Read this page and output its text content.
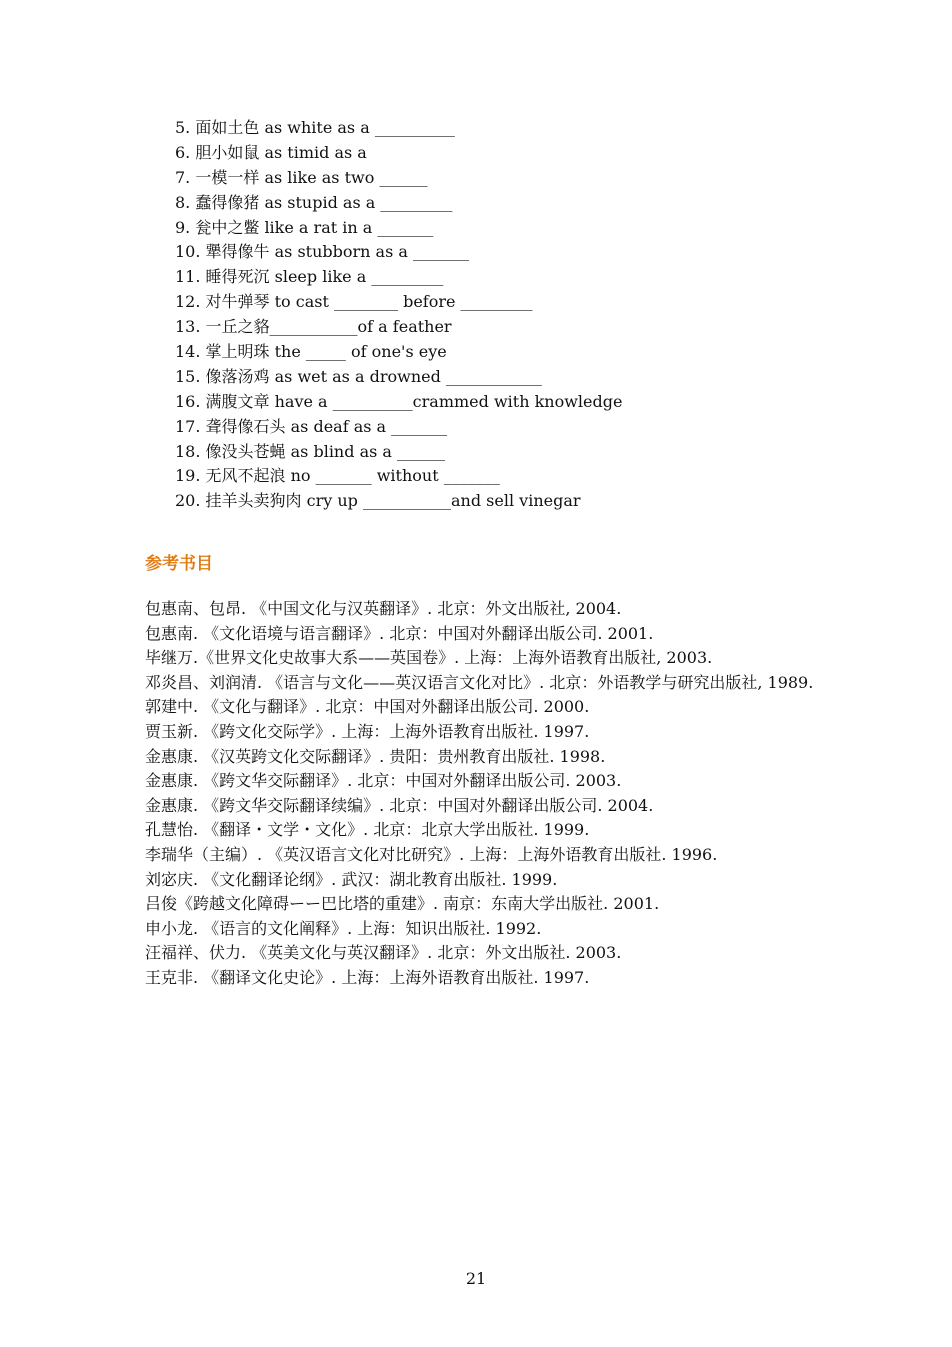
5. 面如土色 as white as a __________
6. 胆小如鼠 as timid as a
7. 一模一样 as like as two ______
8. 蠢得像猪 as stupid as a _________
9. 瓮中之鳖 like a rat in a _______
10. 犟得像牛 as stubborn as a _______
11. 睡得死沉 sleep like a _________
12. 对牛弹琴 to cast ________ before _________
13. 一丘之貉___________of a feather
14. 掌上明珠 the _____ of one's eye
15. 像落汤鸡 as wet as a drowned ____________
16. 满腹文章 have a __________crammed with knowledge
17. 聋得像石头 as deaf as a _______
18. 像没头苍蝇 as blind as a ______
19. 无风不起浪 no _______ without _______
20. 挂羊头卖狗肉 cry up ___________and sell vinegar
参考书目
包惠南、包昂. 《中国文化与汉英翻译》. 北京：外文出版社, 2004.
包惠南. 《文化语境与语言翻译》. 北京：中国对外翻译出版公司. 2001.
毕继万.《世界文化史故事大系——英国卷》. 上海：上海外语教育出版社, 2003.
邓炎昌、刘润清. 《语言与文化——英汉语言文化对比》. 北京：外语教学与研究出版社, 1989.
郭建中. 《文化与翻译》. 北京：中国对外翻译出版公司. 2000.
贾玉新. 《跨文化交际学》. 上海：上海外语教育出版社. 1997.
金惠康. 《汉英跨文化交际翻译》. 贵阳：贵州教育出版社. 1998.
金惠康. 《跨文华交际翻译》. 北京：中国对外翻译出版公司. 2003.
金惠康. 《跨文华交际翻译续编》. 北京：中国对外翻译出版公司. 2004.
孔慧怡. 《翻译・文学・文化》. 北京：北京大学出版社. 1999.
李瑞华（主编）. 《英汉语言文化对比研究》. 上海：上海外语教育出版社. 1996.
刘宓庆. 《文化翻译论纲》. 武汉：湖北教育出版社. 1999.
吕俊《跨越文化障碍ーー巴比塔的重建》. 南京：东南大学出版社. 2001.
申小龙. 《语言的文化阐释》. 上海：知识出版社. 1992.
汪福祥、伏力. 《英美文化与英汉翻译》. 北京：外文出版社. 2003.
王克非. 《翻译文化史论》. 上海：上海外语教育出版社. 1997.
21
